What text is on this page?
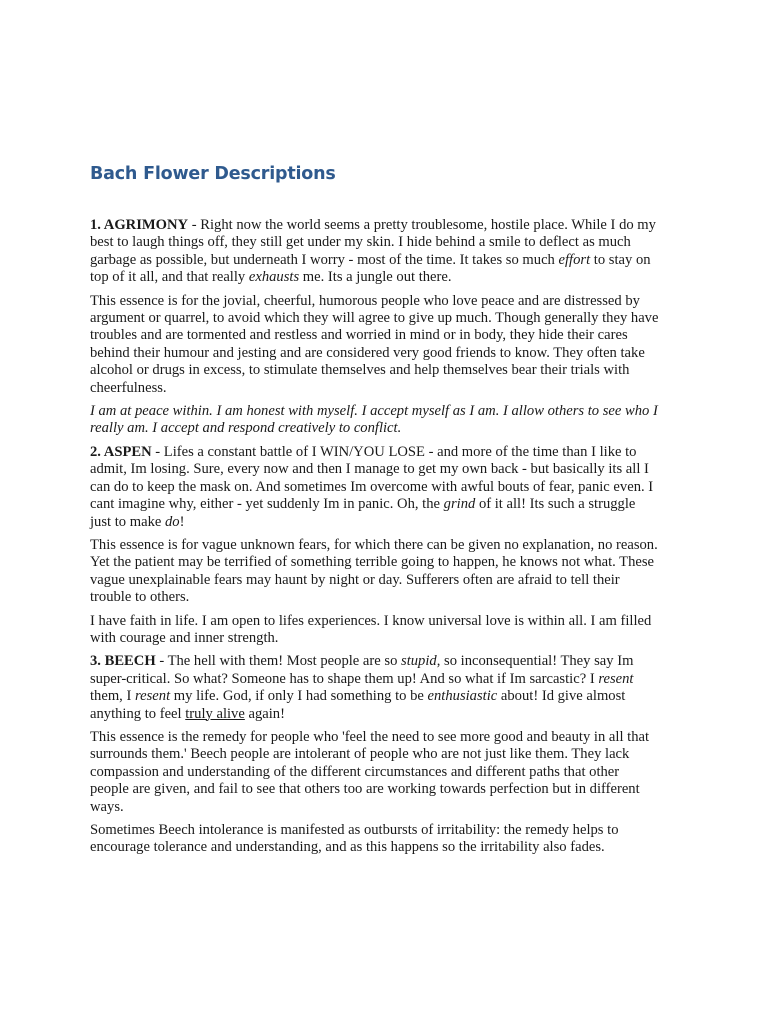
Bach Flower Descriptions

1. AGRIMONY - Right now the world seems a pretty troublesome, hostile place. While I do my
best to laugh things off, they still get under my skin. I hide behind a smile to deflect as much
garbage as possible, but underneath I worry - most of the time. It takes so much effort to stay on
top of it all, and that really exhausts me. Its a jungle out there.

This essence is for the jovial, cheerful, humorous people who love peace and are distressed by
argument or quarrel, to avoid which they will agree to give up much. Though generally they have
troubles and are tormented and restless and worried in mind or in body, they hide their cares
behind their humour and jesting and are considered very good friends to know. They often take
alcohol or drugs in excess, to stimulate themselves and help themselves bear their trials with
cheerfulness.

I am at peace within. I am honest with myself. I accept myself as I am. I allow others to see who I
really am. I accept and respond creatively to conflict.

2. ASPEN - Lifes a constant battle of I WIN/YOU LOSE - and more of the time than I like to
admit, Im losing. Sure, every now and then I manage to get my own back - but basically its all I
can do to keep the mask on. And sometimes Im overcome with awful bouts of fear, panic even. I
cant imagine why, either - yet suddenly Im in panic. Oh, the grind of it all! Its such a struggle
just to make do!

This essence is for vague unknown fears, for which there can be given no explanation, no reason.
Yet the patient may be terrified of something terrible going to happen, he knows not what. These
vague unexplainable fears may haunt by night or day. Sufferers often are afraid to tell their
trouble to others.

I have faith in life. I am open to lifes experiences. I know universal love is within all. I am filled
with courage and inner strength.

3. BEECH - The hell with them! Most people are so stupid, so inconsequential! They say Im
super-critical. So what? Someone has to shape them up! And so what if Im sarcastic? I resent
them, I resent my life. God, if only I had something to be enthusiastic about! Id give almost
anything to feel truly alive again!

This essence is the remedy for people who 'feel the need to see more good and beauty in all that
surrounds them.' Beech people are intolerant of people who are not just like them. They lack
compassion and understanding of the different circumstances and different paths that other
people are given, and fail to see that others too are working towards perfection but in different
ways.

Sometimes Beech intolerance is manifested as outbursts of irritability: the remedy helps to
encourage tolerance and understanding, and as this happens so the irritability also fades.
